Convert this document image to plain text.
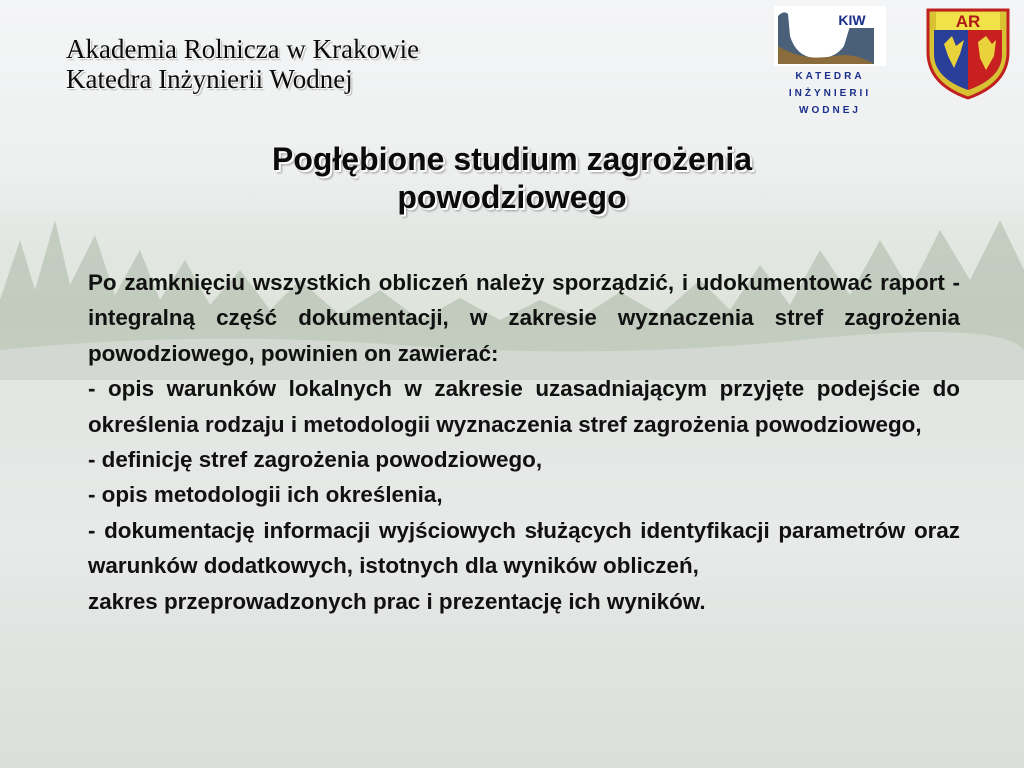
Akademia Rolnicza w Krakowie
Katedra Inżynierii Wodnej
KIW
KATEDRA
INŻYNIERII
WODNEJ
AR
Pogłębione studium zagrożenia
powodziowego

Po zamknięciu wszystkich obliczeń należy sporządzić, i udokumentować raport - integralną część dokumentacji, w zakresie wyznaczenia stref zagrożenia powodziowego, powinien on zawierać:

- opis warunków lokalnych w zakresie uzasadniającym przyjęte podejście do określenia rodzaju i metodologii wyznaczenia stref zagrożenia powodziowego,

- definicję stref zagrożenia powodziowego,

- opis metodologii ich określenia,

- dokumentację informacji wyjściowych służących identyfikacji parametrów oraz warunków dodatkowych, istotnych dla wyników obliczeń,

zakres przeprowadzonych prac i prezentację ich wyników.
